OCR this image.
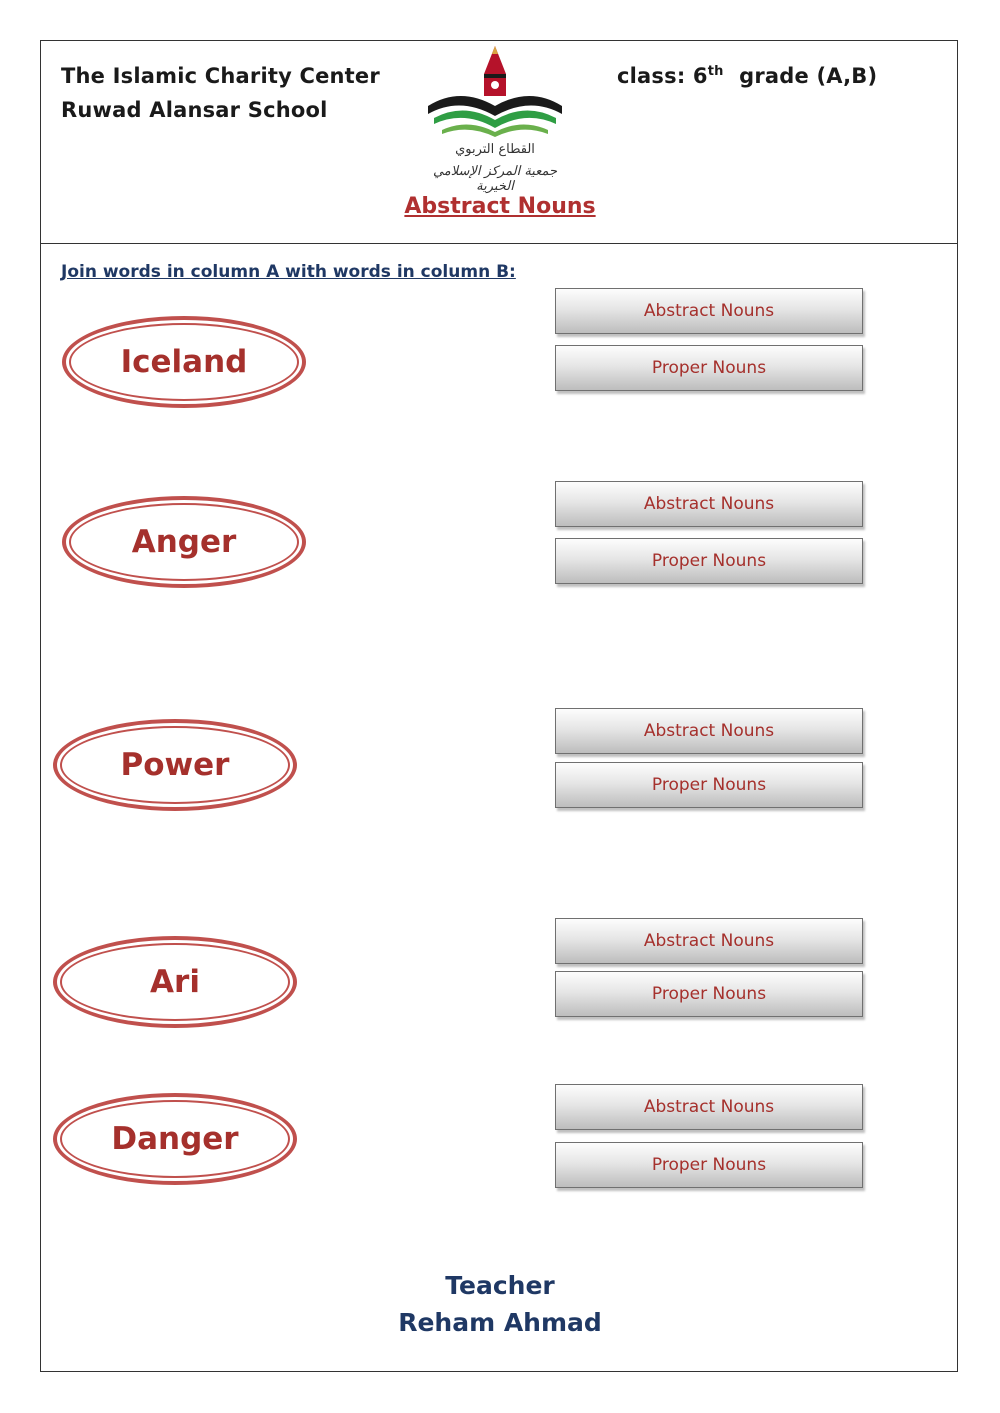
The Islamic Charity Center
Ruwad Alansar School
class: 6th grade (A,B)
القطاع التربوي
جمعية المركز الإسلامي الخيرية
Abstract Nouns
Join words in column A with words in column B:
Iceland
Abstract Nouns
Proper Nouns
Anger
Abstract Nouns
Proper Nouns
Power
Abstract Nouns
Proper Nouns
Ari
Abstract Nouns
Proper Nouns
Danger
Abstract Nouns
Proper Nouns
Teacher
Reham Ahmad
